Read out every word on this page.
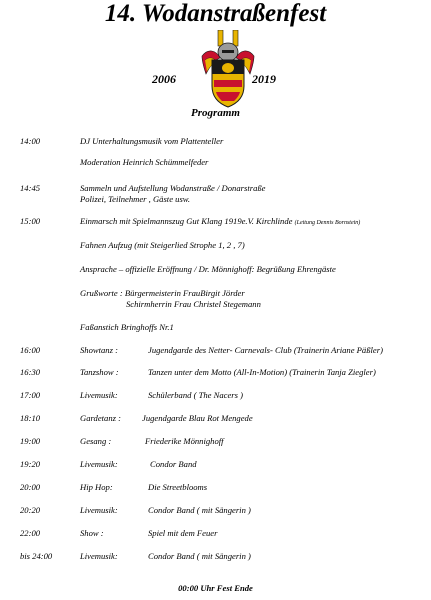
14. Wodanstraßenfest
2006	2019
Programm
14:00	DJ Unterhaltungsmusik vom Plattenteller
Moderation Heinrich Schümmelfeder
14:45	Sammeln und Aufstellung Wodanstraße / Donarstraße
Polizei, Teilnehmer , Gäste usw.
15:00	Einmarsch mit Spielmannszug Gut Klang 1919e.V. Kirchlinde (Leitung Dennis Bornstein)
Fahnen Aufzug (mit Steigerlied Strophe 1, 2 , 7)
Ansprache – offizielle Eröffnung / Dr. Mönnighoff: Begrüßung Ehrengäste
Grußworte : Bürgermeisterin FrauBirgit Jörder
Schirmherrin Frau Christel Stegemann
Faßanstich Bringhoffs Nr.1
16:00	Showtanz :	Jugendgarde des Netter- Carnevals- Club (Trainerin Ariane Päßler)
16:30	Tanzshow :	Tanzen unter dem Motto (All-In-Motion) (Trainerin Tanja Ziegler)
17:00	Livemusik:	Schülerband ( The Nacers )
18:10	Gardetanz : Jugendgarde Blau Rot Mengede
19:00	Gesang :	Friederike Mönnighoff
19:20	Livemusik:	Condor Band
20:00	Hip Hop:	Die Streetblooms
20:20	Livemusik:	Condor Band ( mit Sängerin )
22:00	Show :	Spiel mit dem Feuer
bis 24:00	Livemusik:	Condor Band ( mit Sängerin )
00:00 Uhr Fest Ende
